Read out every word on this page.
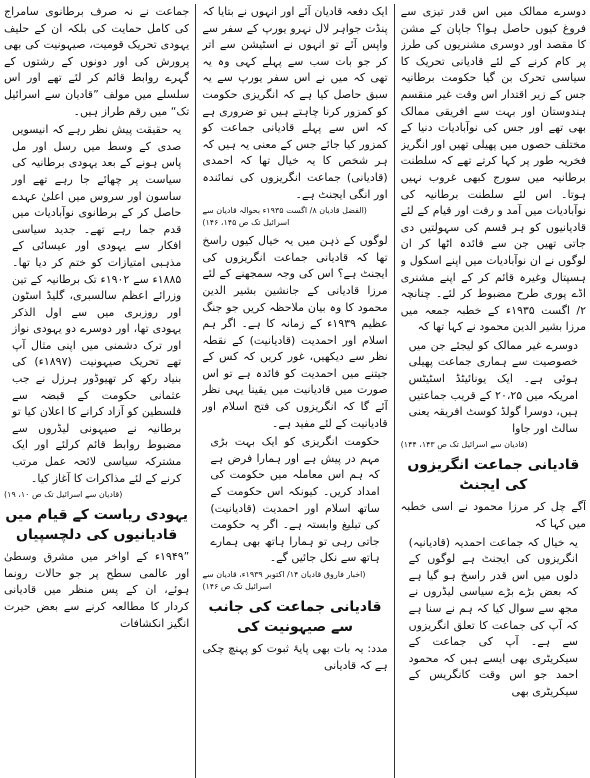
دوسرے ممالک میں اس قدر تیزی سے فروغ کیوں حاصل ہوا؟ جاپان کے مشن کا مقصد اور دوسری مشنریوں کی طرز پر کام کرنے کے لئے قادیانی تحریک کا سیاسی تحرک بن گیا حکومت برطانیہ جس کے زیر اقتدار اس وقت غیر منقسم ہندوستان اور بہت سے افریقی ممالک بھی تھے اور جس کی نوآبادیات دنیا کے مختلف حصوں میں پھیلی تھیں اور انگریز فخریہ طور پر کہا کرتے تھے کہ سلطنت برطانیہ میں سورج کبھی غروب نہیں ہوتا۔ اس لئے سلطنت برطانیہ کی نوآبادیات میں آمد و رفت اور قیام کے لئے قادیانیوں کو ہر قسم کی سہولتیں دی جاتی تھیں جن سے فائدہ اٹھا کر ان لوگوں نے ان نوآبادیات میں اپنے اسکول و ہسپتال وغیرہ قائم کر کے اپنے مشنری اڈے پوری طرح مضبوط کر لئے۔ چنانچہ ۲/ اگست ۱۹۳۵ء کے خطبہ جمعہ میں مرزا بشیر الدین محمود نے کہا تھا کہ

دوسرے غیر ممالک کو لیجئے جن میں خصوصیت سے ہماری جماعت پھیلی ہوئی ہے۔ ایک یونائیٹڈ اسٹیٹس امریکہ میں ۲۰،۲۵ کے قریب جماعتیں ہیں، دوسرا گولڈ کوسٹ افریقہ یعنی سالٹ اور جاوا

(قادیان سے اسرائیل تک ص ۱۴۳، ۱۴۴)

قادیانی جماعت انگریزوں کی ایجنٹ

آگے چل کر مرزا محمود نے اسی خطبہ میں کہا کہ

یہ خیال کہ جماعت احمدیہ (قادیانیہ) انگریزوں کی ایجنٹ ہے لوگوں کے دلوں میں اس قدر راسخ ہو گیا ہے کہ بعض بڑے بڑے سیاسی لیڈروں نے مجھ سے سوال کیا کہ ہم نے سنا ہے کہ آپ کی جماعت کا تعلق انگریزوں سے ہے۔ آپ کی جماعت کے سیکریٹری بھی ایسے ہیں کہ محمود احمد جو اس وقت کانگریس کے سیکریٹری بھی

ایک دفعہ قادیان آئے اور انہوں نے بتایا کہ پنڈت جواہر لال نہرو یورپ کے سفر سے واپس آئے تو انہوں نے اسٹیشن سے اتر کر جو بات سب سے پہلے کہی وہ یہ تھی کہ میں نے اس سفر یورپ سے یہ سبق حاصل کیا ہے کہ انگریزی حکومت کو کمزور کرنا چاہتے ہیں تو ضروری ہے کہ اس سے پہلے قادیانی جماعت کو کمزور کیا جائے جس کے معنی یہ ہیں کہ ہر شخص کا یہ خیال تھا کہ احمدی (قادیانی) جماعت انگریزوں کی نمائندہ اور انگی ایجنٹ ہے۔

(الفضل قادیان ۸/ اگست ۱۹۳۵ء بحوالہ قادیان سے اسرائیل تک ص ۱۴۵، ۱۴۶)

لوگوں کے ذہن میں یہ خیال کیوں راسخ تھا کہ قادیانی جماعت انگریزوں کی ایجنٹ ہے؟ اس کی وجہ سمجھنے کے لئے مرزا قادیانی کے جانشین بشیر الدین محمود کا وہ بیان ملاحظہ کریں جو جنگ عظیم ۱۹۳۹ء کے زمانہ کا ہے۔ اگر ہم اسلام اور احمدیت (قادیانیت) کے نقطہ نظر سے دیکھیں، غور کریں کہ کس کے جیتنے میں احمدیت کو فائدہ ہے تو اس صورت میں قادیانیت میں یقینا یہی نظر آئے گا کہ انگریزوں کی فتح اسلام اور قادیانیت کے لئے مفید ہے۔

حکومت انگریزی کو ایک بہت بڑی مہم در پیش ہے اور ہمارا فرض ہے کہ ہم اس معاملہ میں حکومت کی امداد کریں۔ کیونکہ اس حکومت کے ساتھ اسلام اور احمدیت (قادیانیت) کی تبلیغ وابستہ ہے۔ اگر یہ حکومت جاتی رہی تو ہمارا ہاتھ بھی ہمارے ہاتھ سے نکل جائیں گے۔

(اخبار فاروق قادیان ۱۴/ اکتوبر ۱۹۳۹ء، قادیان سے اسرائیل تک ص ۱۴۶)

قادیانی جماعت کی جانب سے صیہونیت کی

مدد: یہ بات بھی پایۂ ثبوت کو پہنچ چکی ہے کہ قادیانی

جماعت نے نہ صرف برطانوی سامراج کی کامل حمایت کی بلکہ ان کے حلیف یہودی تحریک قومیت، صیہونیت کی بھی پرورش کی اور دونوں کے رشتوں کے گہرے روابط قائم کر لئے تھے اور اس سلسلے میں مولف ”قادیان سے اسرائیل تک“ میں رقم طراز ہیں۔

یہ حقیقت پیش نظر رہے کہ انیسویں صدی کے وسط میں رسل اور مل پاس ہونے کے بعد یہودی برطانیہ کی سیاست پر چھائے جا رہے تھے اور ساسون اور سروس میں اعلیٰ عہدے حاصل کر کے برطانوی نوآبادیات میں قدم جما رہے تھے۔ جدید سیاسی افکار سے یہودی اور عیسائی کے مذہبی امتیازات کو ختم کر دیا تھا۔ ۱۸۸۵ء سے ۱۹۰۲ء تک برطانیہ کے تین وزرائے اعظم سالسبری، گلیڈ اسٹون اور روزبری میں سے اول الذکر یہودی تھا، اور دوسرے دو یہودی نواز اور ترک دشمنی میں اپنی مثال آپ تھے تحریک صیہونیت (۱۸۹۷ء) کی بنیاد رکھ کر تھیوڈور ہرزل نے جب عثمانی حکومت کے قبضہ سے فلسطین کو آزاد کرانے کا اعلان کیا تو برطانیہ نے صیہونی لیڈروں سے مضبوط روابط قائم کرلئے اور ایک مشترکہ سیاسی لائحہ عمل مرتب کرنے کے لئے مذاکرات کا آغاز کیا۔

(قادیان سے اسرائیل تک ص ۱۰، ۱۹)

یہودی ریاست کے قیام میں قادیانیوں کی دلچسپیاں

”۱۹۴۹ء کے اواخر میں مشرق وسطیٰ اور عالمی سطح پر جو حالات رونما ہوئے، ان کے پس منظر میں قادیانی کردار کا مطالعہ کرنے سے بعض حیرت انگیز انکشافات
